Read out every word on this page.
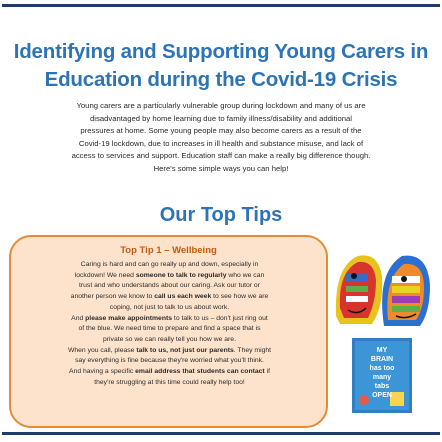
Identifying and Supporting Young Carers in
Education during the Covid-19 Crisis
Young carers are a particularly vulnerable group during lockdown and many of us are
disadvantaged by home learning due to family illness/disability and additional
pressures at home. Some young people may also become carers as a result of the
Covid-19 lockdown, due to increases in ill health and substance misuse, and lack of
access to services and support. Education staff can make a really big difference though.
Here's some simple ways you can help!
Our Top Tips
Top Tip 1 – Wellbeing
Caring is hard and can go really up and down, especially in
lockdown! We need someone to talk to regularly who we can
trust and who understands about our caring. Ask our tutor or
another person we know to call us each week to see how we are
coping, not just to talk to us about work.
And please make appointments to talk to us – don't just ring out
of the blue. We need time to prepare and find a space that is
private so we can really tell you how we are.
When you call, please talk to us, not just our parents. They might
say everything is fine because they're worried what you'll think.
And having a specific email address that students can contact if
they're struggling at this time could really help too!
MY
BRAIN
has too
many
tabs
OPEN
